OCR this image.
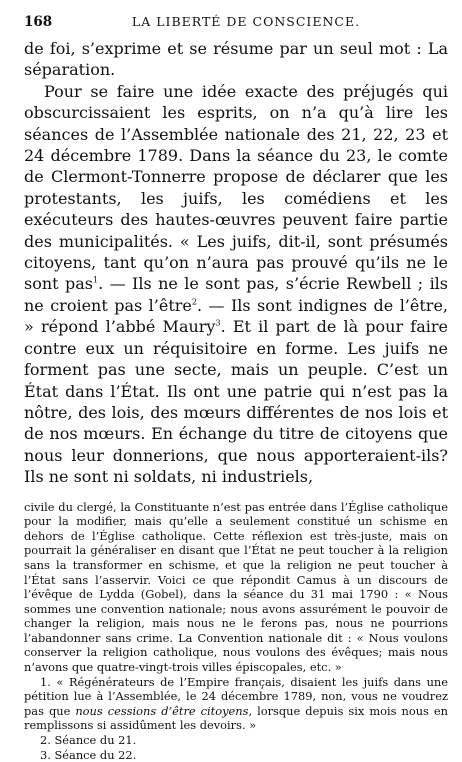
168	LA LIBERTÉ DE CONSCIENCE.

de foi, s’exprime et se résume par un seul mot : La séparation.

Pour se faire une idée exacte des préjugés qui obscurcissaient les esprits, on n’a qu’à lire les séances de l’Assemblée nationale des 21, 22, 23 et 24 décembre 1789. Dans la séance du 23, le comte de Clermont-Tonnerre propose de déclarer que les protestants, les juifs, les comédiens et les exécuteurs des hautes-œuvres peuvent faire partie des municipalités. « Les juifs, dit-il, sont présumés citoyens, tant qu’on n’aura pas prouvé qu’ils ne le sont pas$^1$. — Ils ne le sont pas, s’écrie Rewbell ; ils ne croient pas l’être$^2$. — Ils sont indignes de l’être, » répond l’abbé Maury$^3$. Et il part de là pour faire contre eux un réquisitoire en forme. Les juifs ne forment pas une secte, mais un peuple. C’est un État dans l’État. Ils ont une patrie qui n’est pas la nôtre, des lois, des mœurs différentes de nos lois et de nos mœurs. En échange du titre de citoyens que nous leur donnerions, que nous apporteraient-ils? Ils ne sont ni soldats, ni industriels,

civile du clergé, la Constituante n’est pas entrée dans l’Église catholique pour la modifier, mais qu’elle a seulement constitué un schisme en dehors de l’Église catholique. Cette réflexion est très-juste, mais on pourrait la généraliser en disant que l’État ne peut toucher à la religion sans la transformer en schisme, et que la religion ne peut toucher à l’État sans l’asservir. Voici ce que répondit Camus à un discours de l’évêque de Lydda (Gobel), dans la séance du 31 mai 1790 : « Nous sommes une convention nationale; nous avons assurément le pouvoir de changer la religion, mais nous ne le ferons pas, nous ne pourrions l’abandonner sans crime. La Convention nationale dit : « Nous voulons conserver la religion catholique, nous voulons des évêques; mais nous n’avons que quatre-vingt-trois villes épiscopales, etc. »

1. « Régénérateurs de l’Empire français, disaient les juifs dans une pétition lue à l’Assemblée, le 24 décembre 1789, non, vous ne voudrez pas que nous cessions d’être citoyens, lorsque depuis six mois nous en remplissons si assidûment les devoirs. »

2. Séance du 21.

3. Séance du 22.
